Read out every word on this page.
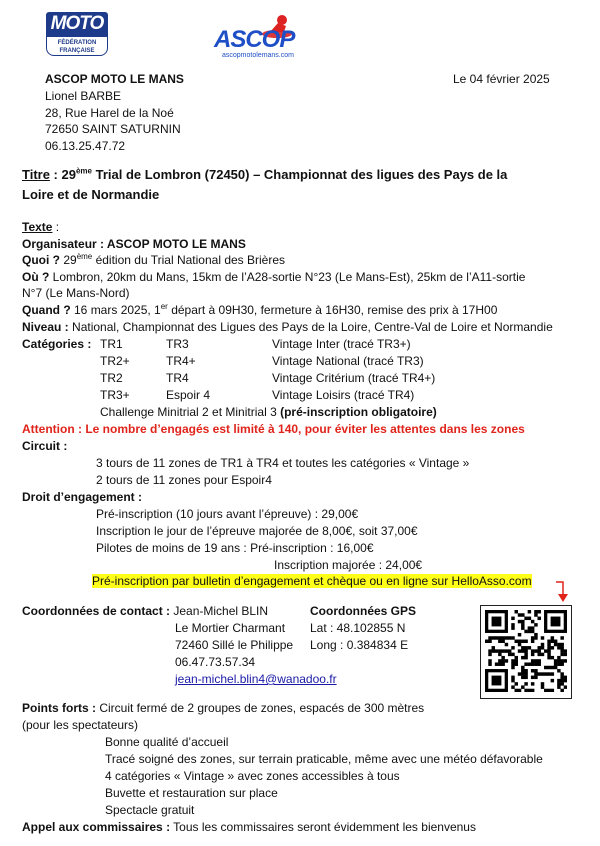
MOTO
FÉDÉRATION
FRANÇAISE	ASCOP
ascopmotolemans.com
ASCOP MOTO LE MANS
Lionel BARBE
28, Rue Harel de la Noé
72650 SAINT SATURNIN
06.13.25.47.72
Le 04 février 2025
Titre : 29ème Trial de Lombron (72450) – Championnat des ligues des Pays de la
Loire et de Normandie
Texte :
Organisateur : ASCOP MOTO LE MANS
Quoi ? 29ème édition du Trial National des Brières
Où ? Lombron, 20km du Mans, 15km de l’A28-sortie N°23 (Le Mans-Est), 25km de l’A11-sortie
N°7 (Le Mans-Nord)
Quand ? 16 mars 2025, 1er départ à 09H30, fermeture à 16H30, remise des prix à 17H00
Niveau : National, Championnat des Ligues des Pays de la Loire, Centre-Val de Loire et Normandie
Catégories : TR1	TR3	Vintage Inter (tracé TR3+)
TR2+	TR4+	Vintage National (tracé TR3)
TR2	TR4	Vintage Critérium (tracé TR4+)
TR3+	Espoir 4	Vintage Loisirs (tracé TR4)
Challenge Minitrial 2 et Minitrial 3 (pré-inscription obligatoire)
Attention : Le nombre d’engagés est limité à 140, pour éviter les attentes dans les zones
Circuit :
3 tours de 11 zones de TR1 à TR4 et toutes les catégories « Vintage »
2 tours de 11 zones pour Espoir4
Droit d’engagement :
Pré-inscription (10 jours avant l’épreuve) : 29,00€
Inscription le jour de l’épreuve majorée de 8,00€, soit 37,00€
Pilotes de moins de 19 ans : Pré-inscription : 16,00€
Inscription majorée : 24,00€
Pré-inscription par bulletin d’engagement et chèque ou en ligne sur HelloAsso.com
Coordonnées de contact : Jean-Michel BLIN
Le Mortier Charmant
72460 Sillé le Philippe
06.47.73.57.34
jean-michel.blin4@wanadoo.fr
Coordonnées GPS
Lat : 48.102855 N
Long : 0.384834 E
Points forts : Circuit fermé de 2 groupes de zones, espacés de 300 mètres
(pour les spectateurs)
Bonne qualité d’accueil
Tracé soigné des zones, sur terrain praticable, même avec une météo défavorable
4 catégories « Vintage » avec zones accessibles à tous
Buvette et restauration sur place
Spectacle gratuit
Appel aux commissaires : Tous les commissaires seront évidemment les bienvenus
